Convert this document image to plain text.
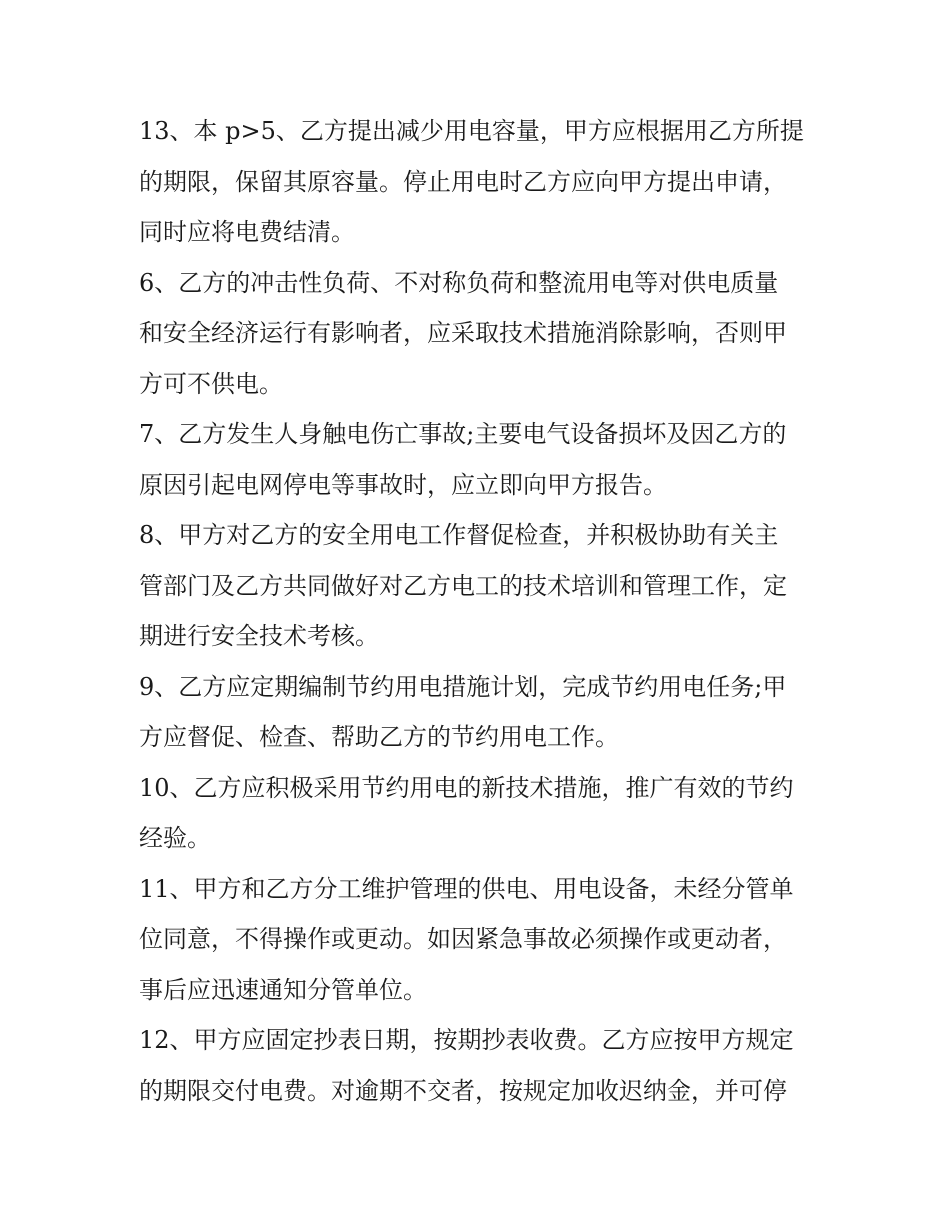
13、本 p>5、乙方提出减少用电容量，甲方应根据用乙方所提
的期限，保留其原容量。停止用电时乙方应向甲方提出申请，
同时应将电费结清。

6、乙方的冲击性负荷、不对称负荷和整流用电等对供电质量
和安全经济运行有影响者，应采取技术措施消除影响，否则甲
方可不供电。

7、乙方发生人身触电伤亡事故;主要电气设备损坏及因乙方的
原因引起电网停电等事故时，应立即向甲方报告。

8、甲方对乙方的安全用电工作督促检查，并积极协助有关主
管部门及乙方共同做好对乙方电工的技术培训和管理工作，定
期进行安全技术考核。

9、乙方应定期编制节约用电措施计划，完成节约用电任务;甲
方应督促、检查、帮助乙方的节约用电工作。

10、乙方应积极采用节约用电的新技术措施，推广有效的节约
经验。

11、甲方和乙方分工维护管理的供电、用电设备，未经分管单
位同意，不得操作或更动。如因紧急事故必须操作或更动者，
事后应迅速通知分管单位。

12、甲方应固定抄表日期，按期抄表收费。乙方应按甲方规定
的期限交付电费。对逾期不交者，按规定加收迟纳金，并可停
